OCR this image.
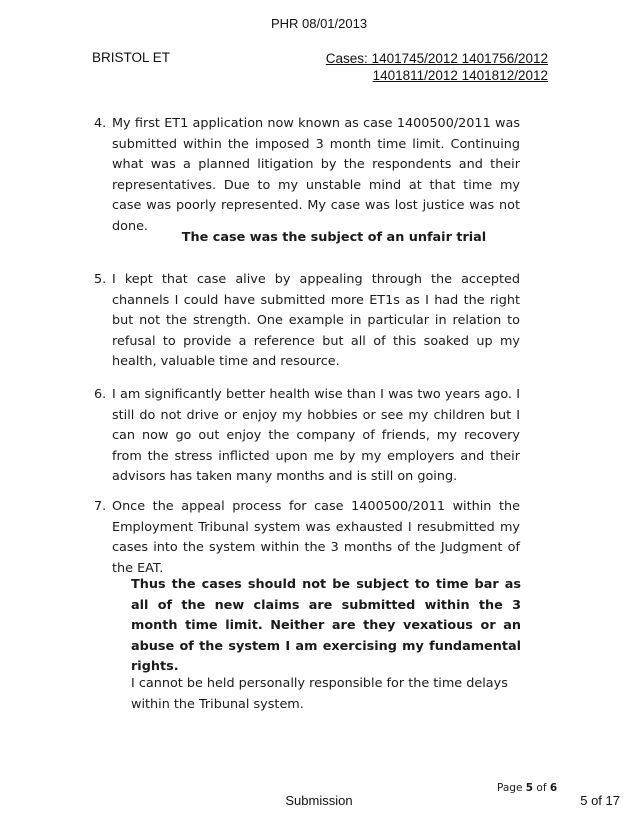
PHR 08/01/2013
BRISTOL ET	Cases: 1401745/2012 1401756/2012
1401811/2012 1401812/2012
4. My first ET1 application now known as case 1400500/2011 was submitted within the imposed 3 month time limit. Continuing what was a planned litigation by the respondents and their representatives. Due to my unstable mind at that time my case was poorly represented. My case was lost justice was not done.
The case was the subject of an unfair trial
5. I kept that case alive by appealing through the accepted channels I could have submitted more ET1s as I had the right but not the strength. One example in particular in relation to refusal to provide a reference but all of this soaked up my health, valuable time and resource.
6. I am significantly better health wise than I was two years ago. I still do not drive or enjoy my hobbies or see my children but I can now go out enjoy the company of friends, my recovery from the stress inflicted upon me by my employers and their advisors has taken many months and is still on going.
7. Once the appeal process for case 1400500/2011 within the Employment Tribunal system was exhausted I resubmitted my cases into the system within the 3 months of the Judgment of the EAT.
Thus the cases should not be subject to time bar as all of the new claims are submitted within the 3 month time limit. Neither are they vexatious or an abuse of the system I am exercising my fundamental rights.
I cannot be held personally responsible for the time delays within the Tribunal system.
Page 5 of 6
Submission	5 of 17
